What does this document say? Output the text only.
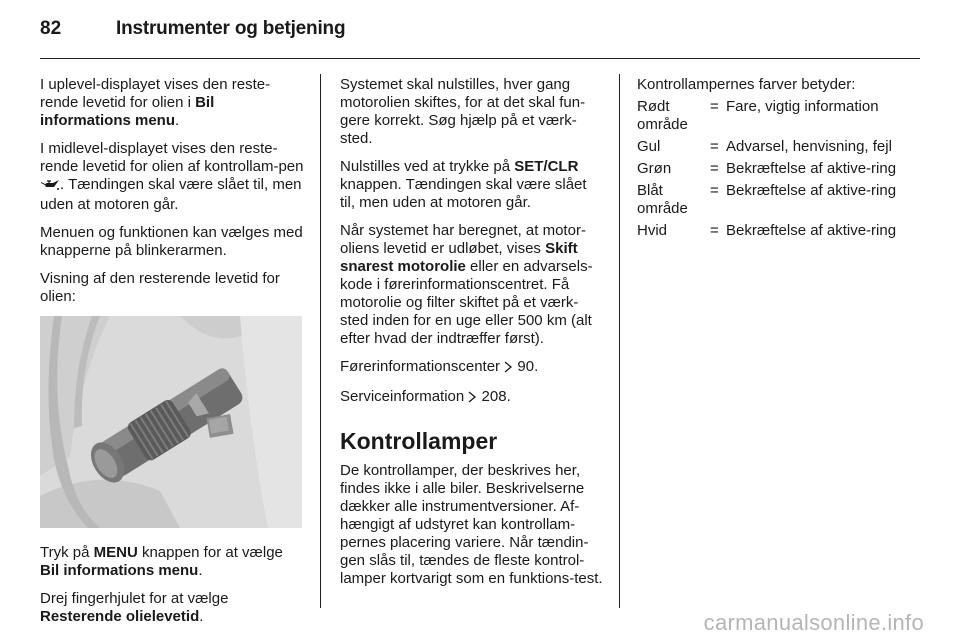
82	Instrumenter og betjening

I uplevel-displayet vises den reste-rende levetid for olien i Bil informations menu.

I midlevel-displayet vises den reste-rende levetid for olien af kontrollam-pen . Tændingen skal være slået til, men uden at motoren går.

Menuen og funktionen kan vælges med knapperne på blinkerarmen.

Visning af den resterende levetid for olien:

Tryk på MENU knappen for at vælge Bil informations menu.

Drej fingerhjulet for at vælge Resterende olielevetid.

Systemet skal nulstilles, hver gang motorolien skiftes, for at det skal fun-gere korrekt. Søg hjælp på et værk-sted.

Nulstilles ved at trykke på SET/CLR knappen. Tændingen skal være slået til, men uden at motoren går.

Når systemet har beregnet, at motor-oliens levetid er udløbet, vises Skift snarest motorolie eller en advarsels-kode i førerinformationscentret. Få motorolie og filter skiftet på et værk-sted inden for en uge eller 500 km (alt efter hvad der indtræffer først).

Førerinformationscenter  90.

Serviceinformation  208.

Kontrollamper

De kontrollamper, der beskrives her, findes ikke i alle biler. Beskrivelserne dækker alle instrumentversioner. Af-hængigt af udstyret kan kontrollam-pernes placering variere. Når tændin-gen slås til, tændes de fleste kontrol-lamper kortvarigt som en funktions-test.

Kontrollampernes farver betyder:

Rødt område	=	Fare, vigtig information
Gul	=	Advarsel, henvisning, fejl
Grøn	=	Bekræftelse af aktive-ring
Blåt område	=	Bekræftelse af aktive-ring
Hvid	=	Bekræftelse af aktive-ring
carmanualsonline.info
